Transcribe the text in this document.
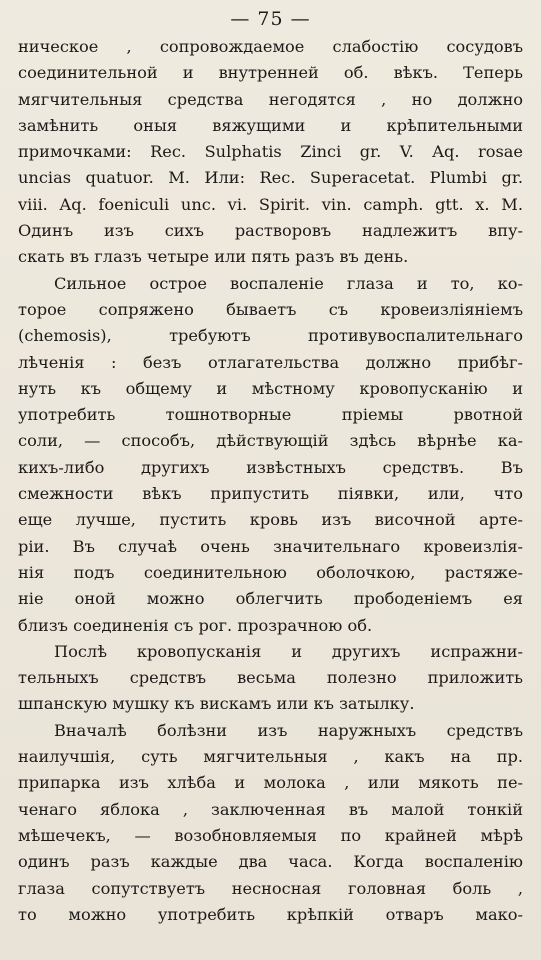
— 75 —
ническое , сопровождаемое слабостію сосудовъ
соединительной и внутренней об. вѣкъ. Теперь
мягчительныя средства негодятся , но должно
замѣнить оныя вяжущими и крѣпительными
примочками: Rec. Sulphatis Zinci gr. V. Aq. rosae
uncias quatuor. M. Или: Rec. Superacetat. Plumbi gr.
viii. Aq. foeniculi unc. vi. Spirit. vin. camph. gtt. x. M.
Одинъ изъ сихъ растворовъ надлежитъ впу-
скать въ глазъ четыре или пять разъ въ день.
Сильное острое воспаленіе глаза и то, ко-
торое сопряжено бываетъ съ кровеизліяніемъ
(chemosis), требуютъ противувоспалительнаго
лѣченія : безъ отлагательства должно прибѣг-
нуть къ общему и мѣстному кровопусканію и
употребить тошнотворные пріемы рвотной
соли, — способъ, дѣйствующій здѣсь вѣрнѣе ка-
кихъ-либо другихъ извѣстныхъ средствъ. Въ
смежности вѣкъ припустить піявки, или, что
еще лучше, пустить кровь изъ височной арте-
ріи. Въ случаѣ очень значительнаго кровеизлія-
нія подъ соединительною оболочкою, растяже-
ніе оной можно облегчить прободеніемъ ея
близъ соединенія съ рог. прозрачною об.
Послѣ кровопусканія и другихъ испражни-
тельныхъ средствъ весьма полезно приложить
шпанскую мушку къ вискамъ или къ затылку.
Вначалѣ болѣзни изъ наружныхъ средствъ
наилучшія, суть мягчительныя , какъ на пр.
припарка изъ хлѣба и молока , или мякоть пе-
ченаго яблока , заключенная въ малой тонкій
мѣшечекъ, — возобновляемыя по крайней мѣрѣ
одинъ разъ каждые два часа. Когда воспаленію
глаза сопутствуетъ несносная головная боль ,
то можно употребить крѣпкій отваръ мако-
